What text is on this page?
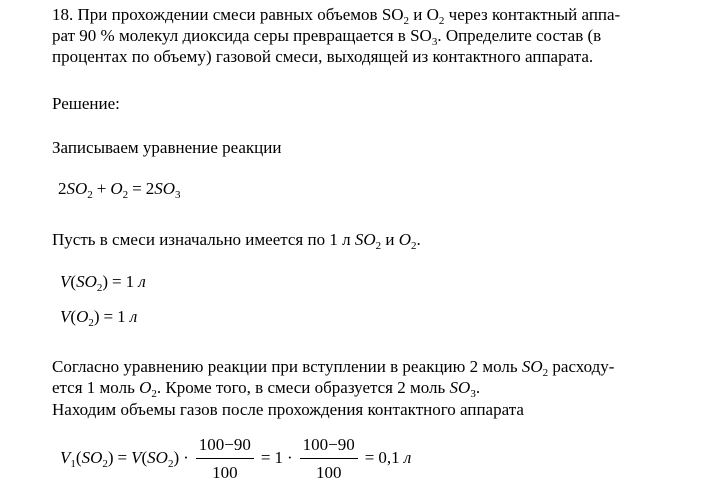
18. При прохождении смеси равных объемов $SO_2$ и $O_2$ через контактный аппа-
рат 90 % молекул диоксида серы превращается в $SO_3$. Определите состав (в
процентах по объему) газовой смеси, выходящей из контактного аппарата.
Решение:
Записываем уравнение реакции
$2SO_2 + O_2 = 2SO_3$
Пусть в смеси изначально имеется по 1 л $SO_2$ и $O_2$.
$V(SO_2) = 1$ л
$V(O_2) = 1$ л
Согласно уравнению реакции при вступлении в реакцию 2 моль $SO_2$ расходу-
ется 1 моль $O_2$. Кроме того, в смеси образуется 2 моль $SO_3$.
Находим объемы газов после прохождения контактного аппарата
$V_1(SO_2) = V(SO_2) \cdot \frac{100-90}{100} = 1 \cdot \frac{100-90}{100} = 0,1$ л
